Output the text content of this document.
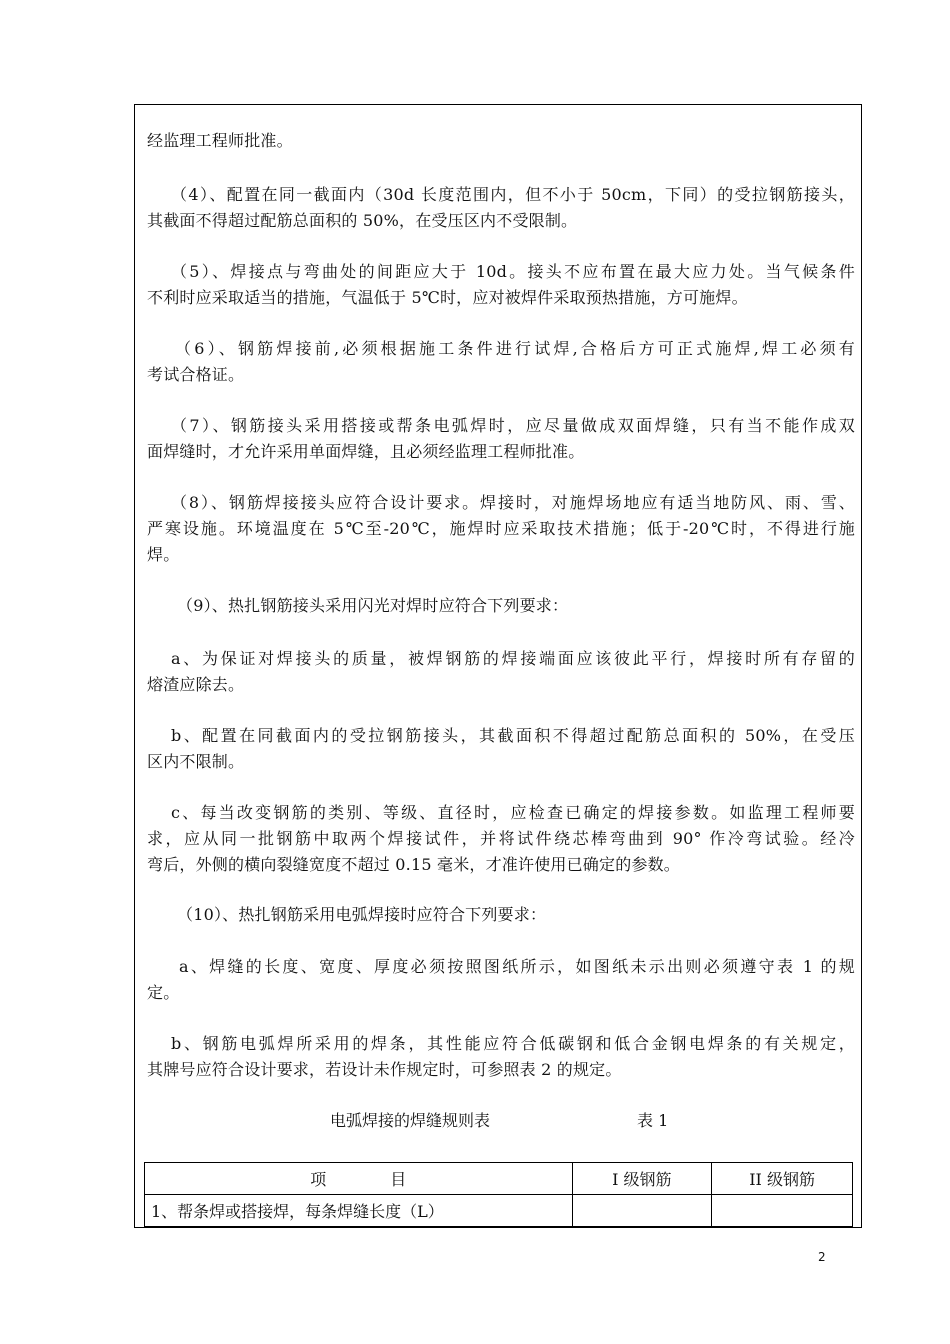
经监理工程师批准。
（4）、配置在同一截面内（30d 长度范围内，但不小于 50cm，下同）的受拉钢筋接头，
其截面不得超过配筋总面积的 50%，在受压区内不受限制。
（5）、焊接点与弯曲处的间距应大于 10d。接头不应布置在最大应力处。当气候条件
不利时应采取适当的措施，气温低于 5℃时，应对被焊件采取预热措施，方可施焊。
（6）、钢筋焊接前,必须根据施工条件进行试焊,合格后方可正式施焊,焊工必须有
考试合格证。
（7）、钢筋接头采用搭接或帮条电弧焊时，应尽量做成双面焊缝，只有当不能作成双
面焊缝时，才允许采用单面焊缝，且必须经监理工程师批准。
（8）、钢筋焊接接头应符合设计要求。焊接时，对施焊场地应有适当地防风、雨、雪、
严寒设施。环境温度在 5℃至-20℃，施焊时应采取技术措施；低于-20℃时，不得进行施
焊。
（9）、热扎钢筋接头采用闪光对焊时应符合下列要求：
a、为保证对焊接头的质量，被焊钢筋的焊接端面应该彼此平行，焊接时所有存留的
熔渣应除去。
b、配置在同截面内的受拉钢筋接头，其截面积不得超过配筋总面积的 50%，在受压
区内不限制。
c、每当改变钢筋的类别、等级、直径时，应检查已确定的焊接参数。如监理工程师要
求，应从同一批钢筋中取两个焊接试件，并将试件绕芯棒弯曲到 90° 作冷弯试验。经冷
弯后，外侧的横向裂缝宽度不超过 0.15 毫米，才准许使用已确定的参数。
（10）、热扎钢筋采用电弧焊接时应符合下列要求：
a、焊缝的长度、宽度、厚度必须按照图纸所示，如图纸未示出则必须遵守表 1 的规
定。
b、钢筋电弧焊所采用的焊条，其性能应符合低碳钢和低合金钢电焊条的有关规定，
其牌号应符合设计要求，若设计未作规定时，可参照表 2 的规定。
电弧焊接的焊缝规则表	表 1
项　　　　目	I 级钢筋	II 级钢筋
1、帮条焊或搭接焊，每条焊缝长度（L）		
2
